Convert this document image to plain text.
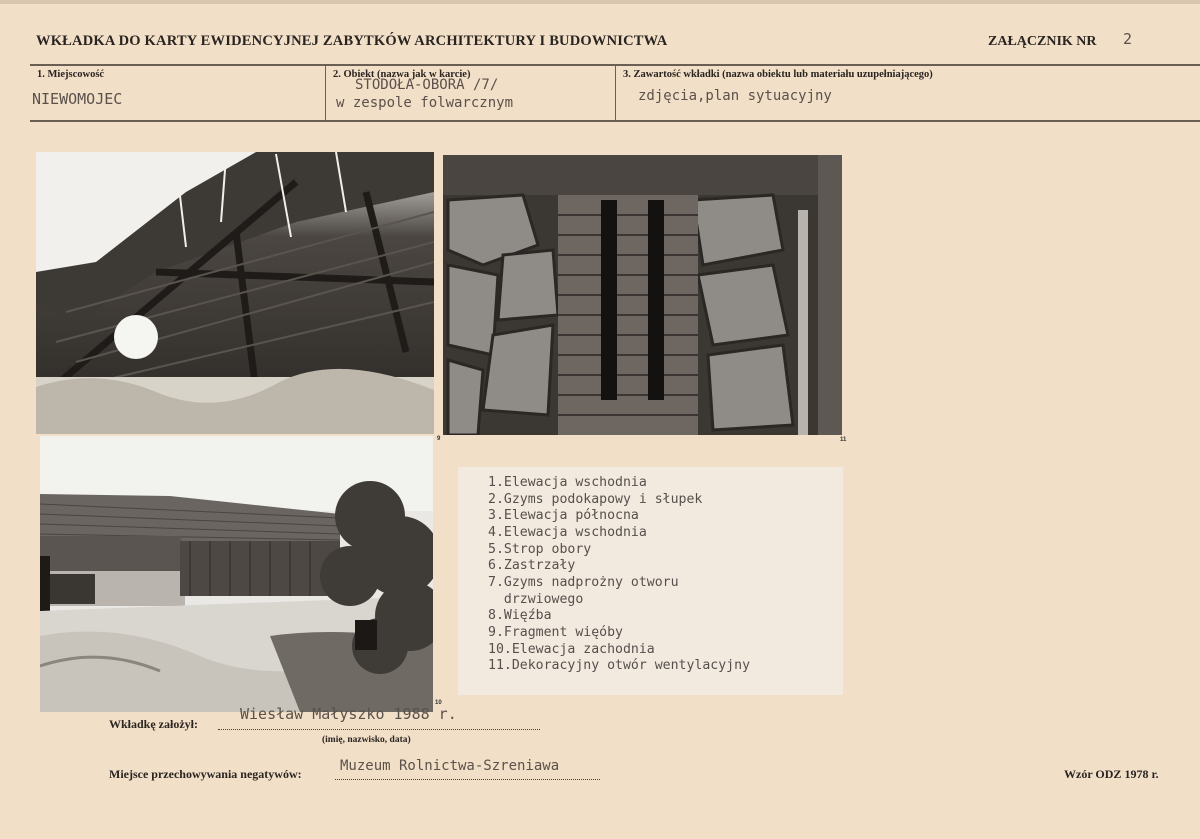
WKŁADKA DO KARTY EWIDENCYJNEJ ZABYTKÓW ARCHITEKTURY I BUDOWNICTWA	ZAŁĄCZNIK NR 2
1. Miejscowość
NIEWOMOJEC
2. Obiekt (nazwa jak w karcie)
STODOŁA-OBORA /7/
w zespole folwarcznym
3. Zawartość wkładki (nazwa obiektu lub materiału uzupełniającego)
zdjęcia,plan sytuacyjny
9	11
10
1.Elewacja wschodnia
2.Gzyms podokapowy i słupek
3.Elewacja północna
4.Elewacja wschodnia
5.Strop obory
6.Zastrzały
7.Gzyms nadprożny otworu
drzwiowego
8.Więźba
9.Fragment więóby
10.Elewacja zachodnia
11.Dekoracyjny otwór wentylacyjny
Wkładkę założył:
Wiesław Małyszko 1988 r.
(imię, nazwisko, data)
Miejsce przechowywania negatywów:	Muzeum Rolnictwa-Szreniawa	Wzór ODZ 1978 r.
